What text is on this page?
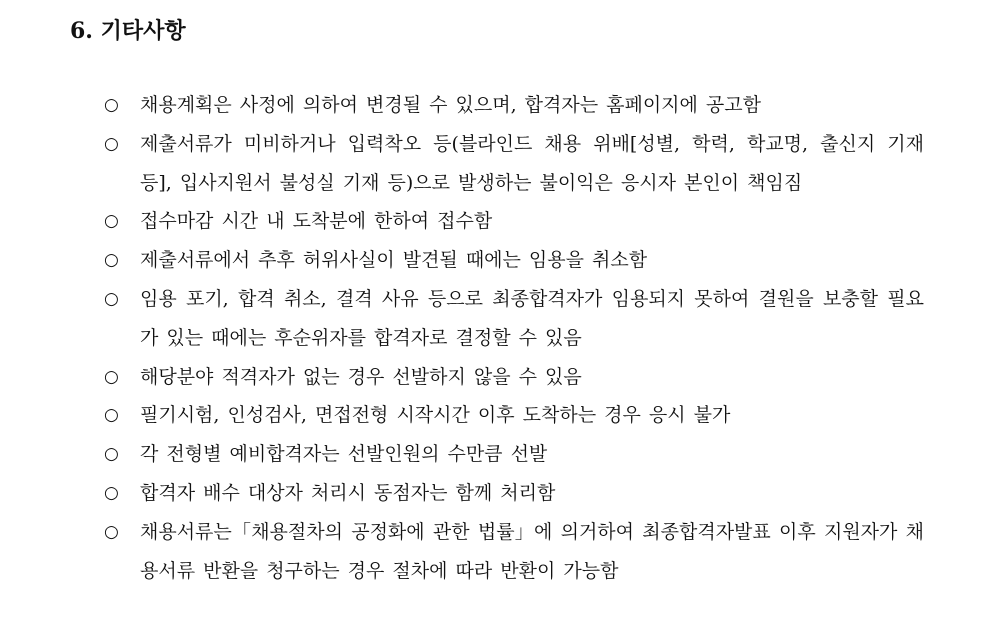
6. 기타사항
○ 채용계획은 사정에 의하여 변경될 수 있으며, 합격자는 홈페이지에 공고함
○ 제출서류가 미비하거나 입력착오 등(블라인드 채용 위배[성별, 학력, 학교명, 출신지 기재 등], 입사지원서 불성실 기재 등)으로 발생하는 불이익은 응시자 본인이 책임짐
○ 접수마감 시간 내 도착분에 한하여 접수함
○ 제출서류에서 추후 허위사실이 발견될 때에는 임용을 취소함
○ 임용 포기, 합격 취소, 결격 사유 등으로 최종합격자가 임용되지 못하여 결원을 보충할 필요가 있는 때에는 후순위자를 합격자로 결정할 수 있음
○ 해당분야 적격자가 없는 경우 선발하지 않을 수 있음
○ 필기시험, 인성검사, 면접전형 시작시간 이후 도착하는 경우 응시 불가
○ 각 전형별 예비합격자는 선발인원의 수만큼 선발
○ 합격자 배수 대상자 처리시 동점자는 함께 처리함
○ 채용서류는「채용절차의 공정화에 관한 법률」에 의거하여 최종합격자발표 이후 지원자가 채용서류 반환을 청구하는 경우 절차에 따라 반환이 가능함
